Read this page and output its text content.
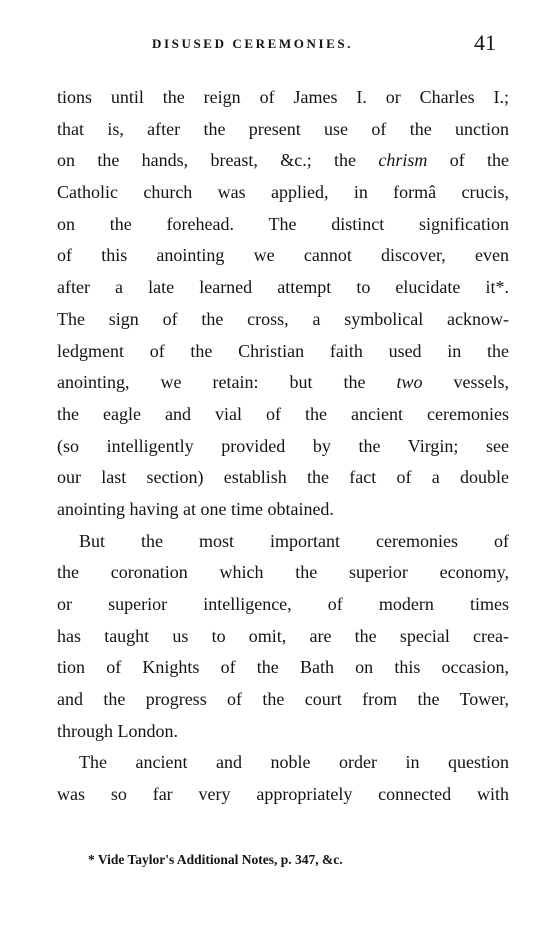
DISUSED CEREMONIES.	41
tions until the reign of James I. or Charles I.;
that is, after the present use of the unction
on the hands, breast, &c.; the chrism of the
Catholic church was applied, in formâ crucis,
on the forehead. The distinct signification
of this anointing we cannot discover, even
after a late learned attempt to elucidate it*.
The sign of the cross, a symbolical acknow-
ledgment of the Christian faith used in the
anointing, we retain: but the two vessels,
the eagle and vial of the ancient ceremonies
(so intelligently provided by the Virgin; see
our last section) establish the fact of a double
anointing having at one time obtained.
But the most important ceremonies of
the coronation which the superior economy,
or superior intelligence, of modern times
has taught us to omit, are the special crea-
tion of Knights of the Bath on this occasion,
and the progress of the court from the Tower,
through London.
The ancient and noble order in question
was so far very appropriately connected with
* Vide Taylor's Additional Notes, p. 347, &c.
